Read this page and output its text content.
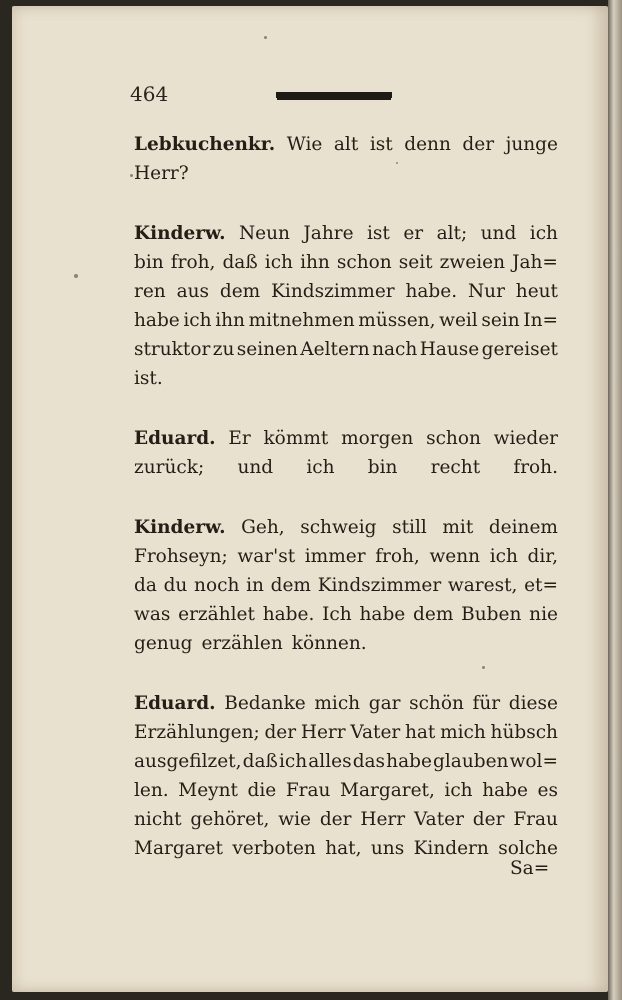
464
Lebkuchenkr. Wie alt ist denn der junge
Herr?
Kinderw. Neun Jahre ist er alt; und ich
bin froh, daß ich ihn schon seit zweien Jah=
ren aus dem Kindszimmer habe. Nur heut
habe ich ihn mitnehmen müssen, weil sein In=
struktor zu seinen Aeltern nach Hause gereiset
ist.
Eduard. Er kömmt morgen schon wieder
zurück; und ich bin recht froh.
Kinderw. Geh, schweig still mit deinem
Frohseyn; war'st immer froh, wenn ich dir,
da du noch in dem Kindszimmer warest, et=
was erzählet habe. Ich habe dem Buben nie
genug erzählen können.
Eduard. Bedanke mich gar schön für diese
Erzählungen; der Herr Vater hat mich hübsch
ausgefilzet, daß ich alles das habe glauben wol=
len. Meynt die Frau Margaret, ich habe es
nicht gehöret, wie der Herr Vater der Frau
Margaret verboten hat, uns Kindern solche
Sa=
